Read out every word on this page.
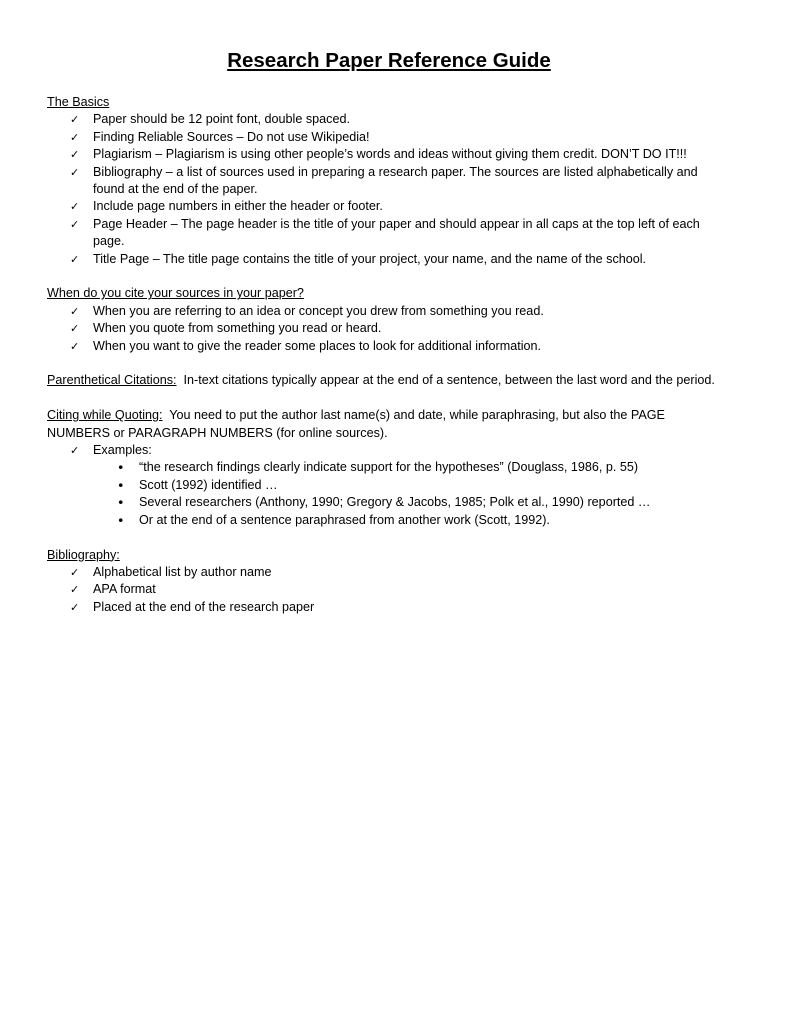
Research Paper Reference Guide
The Basics
✓	Paper should be 12 point font, double spaced.
✓	Finding Reliable Sources – Do not use Wikipedia!
✓	Plagiarism – Plagiarism is using other people’s words and ideas without giving them credit. DON’T DO IT!!!
✓	Bibliography – a list of sources used in preparing a research paper. The sources are listed alphabetically and found at the end of the paper.
✓	Include page numbers in either the header or footer.
✓	Page Header – The page header is the title of your paper and should appear in all caps at the top left of each page.
✓	Title Page – The title page contains the title of your project, your name, and the name of the school.
When do you cite your sources in your paper?
✓	When you are referring to an idea or concept you drew from something you read.
✓	When you quote from something you read or heard.
✓	When you want to give the reader some places to look for additional information.

Parenthetical Citations:  In-text citations typically appear at the end of a sentence, between the last word and the period.

Citing while Quoting:  You need to put the author last name(s) and date, while paraphrasing, but also the PAGE NUMBERS or PARAGRAPH NUMBERS (for online sources).

✓	Examples:
• “the research findings clearly indicate support for the hypotheses” (Douglass, 1986, p. 55)
• Scott (1992) identified …
• Several researchers (Anthony, 1990; Gregory & Jacobs, 1985; Polk et al., 1990) reported …
• Or at the end of a sentence paraphrased from another work (Scott, 1992).
Bibliography:
✓	Alphabetical list by author name
✓	APA format
✓	Placed at the end of the research paper
